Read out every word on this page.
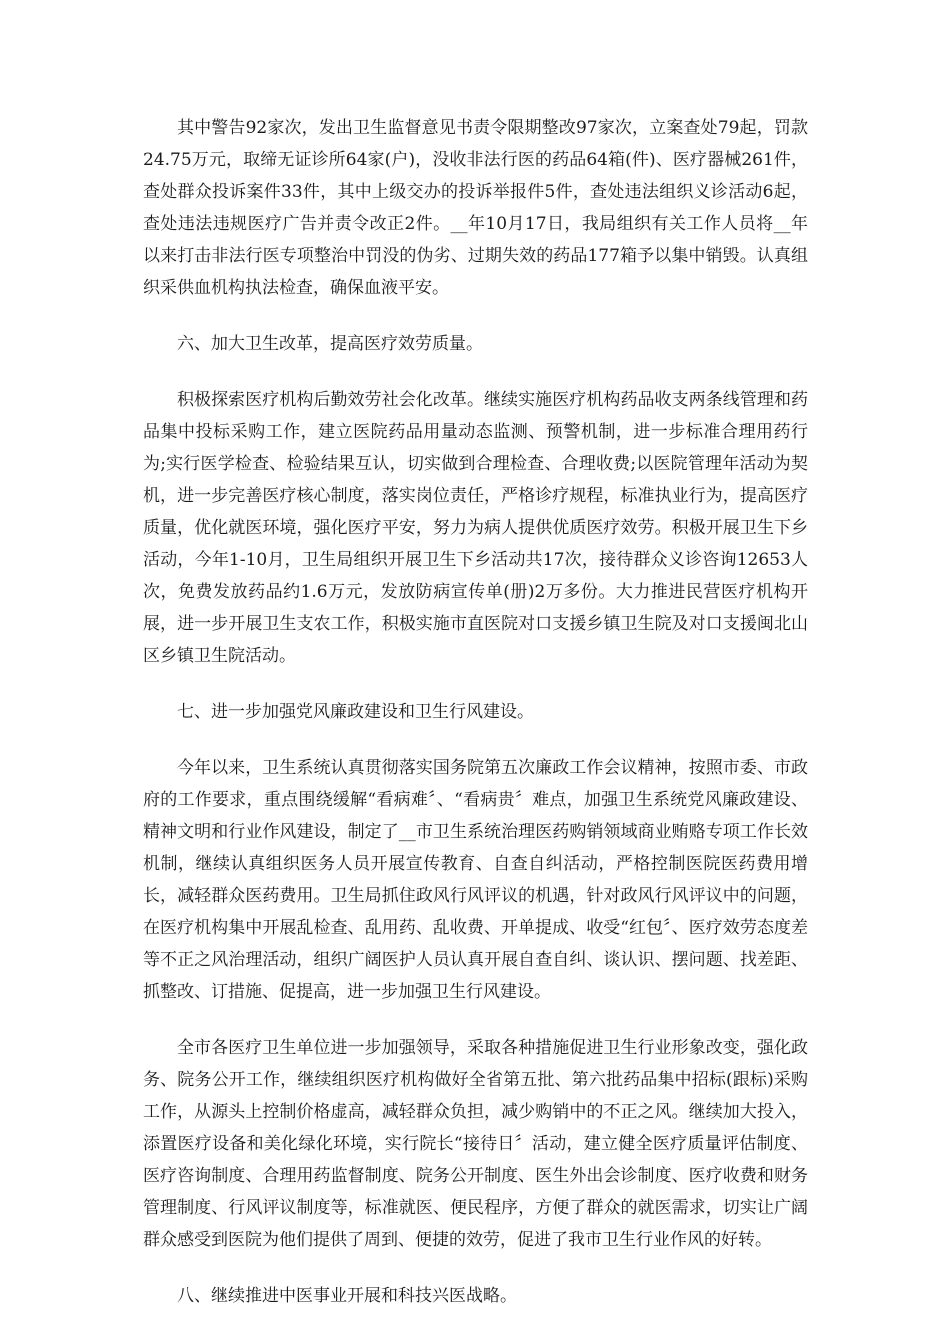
其中警告92家次，发出卫生监督意见书责令限期整改97家次，立案查处79起，罚款24.75万元，取缔无证诊所64家(户)，没收非法行医的药品64箱(件)、医疗器械261件，查处群众投诉案件33件，其中上级交办的投诉举报件5件，查处违法组织义诊活动6起，查处违法违规医疗广告并责令改正2件。__年10月17日，我局组织有关工作人员将__年以来打击非法行医专项整治中罚没的伪劣、过期失效的药品177箱予以集中销毁。认真组织采供血机构执法检查，确保血液平安。

六、加大卫生改革，提高医疗效劳质量。

积极探索医疗机构后勤效劳社会化改革。继续实施医疗机构药品收支两条线管理和药品集中投标采购工作，建立医院药品用量动态监测、预警机制，进一步标准合理用药行为;实行医学检查、检验结果互认，切实做到合理检查、合理收费;以医院管理年活动为契机，进一步完善医疗核心制度，落实岗位责任，严格诊疗规程，标准执业行为，提高医疗质量，优化就医环境，强化医疗平安，努力为病人提供优质医疗效劳。积极开展卫生下乡活动，今年1-10月，卫生局组织开展卫生下乡活动共17次，接待群众义诊咨询12653人次，免费发放药品约1.6万元，发放防病宣传单(册)2万多份。大力推进民营医疗机构开展，进一步开展卫生支农工作，积极实施市直医院对口支援乡镇卫生院及对口支援闽北山区乡镇卫生院活动。

七、进一步加强党风廉政建设和卫生行风建设。

今年以来，卫生系统认真贯彻落实国务院第五次廉政工作会议精神，按照市委、市政府的工作要求，重点围绕缓解“看病难〞、“看病贵〞难点，加强卫生系统党风廉政建设、精神文明和行业作风建设，制定了__市卫生系统治理医药购销领域商业贿赂专项工作长效机制，继续认真组织医务人员开展宣传教育、自查自纠活动，严格控制医院医药费用增长，减轻群众医药费用。卫生局抓住政风行风评议的机遇，针对政风行风评议中的问题，在医疗机构集中开展乱检查、乱用药、乱收费、开单提成、收受“红包〞、医疗效劳态度差等不正之风治理活动，组织广阔医护人员认真开展自查自纠、谈认识、摆问题、找差距、抓整改、订措施、促提高，进一步加强卫生行风建设。

全市各医疗卫生单位进一步加强领导，采取各种措施促进卫生行业形象改变，强化政务、院务公开工作，继续组织医疗机构做好全省第五批、第六批药品集中招标(跟标)采购工作，从源头上控制价格虚高，减轻群众负担，减少购销中的不正之风。继续加大投入，添置医疗设备和美化绿化环境，实行院长“接待日〞活动，建立健全医疗质量评估制度、医疗咨询制度、合理用药监督制度、院务公开制度、医生外出会诊制度、医疗收费和财务管理制度、行风评议制度等，标准就医、便民程序，方便了群众的就医需求，切实让广阔群众感受到医院为他们提供了周到、便捷的效劳，促进了我市卫生行业作风的好转。

八、继续推进中医事业开展和科技兴医战略。
